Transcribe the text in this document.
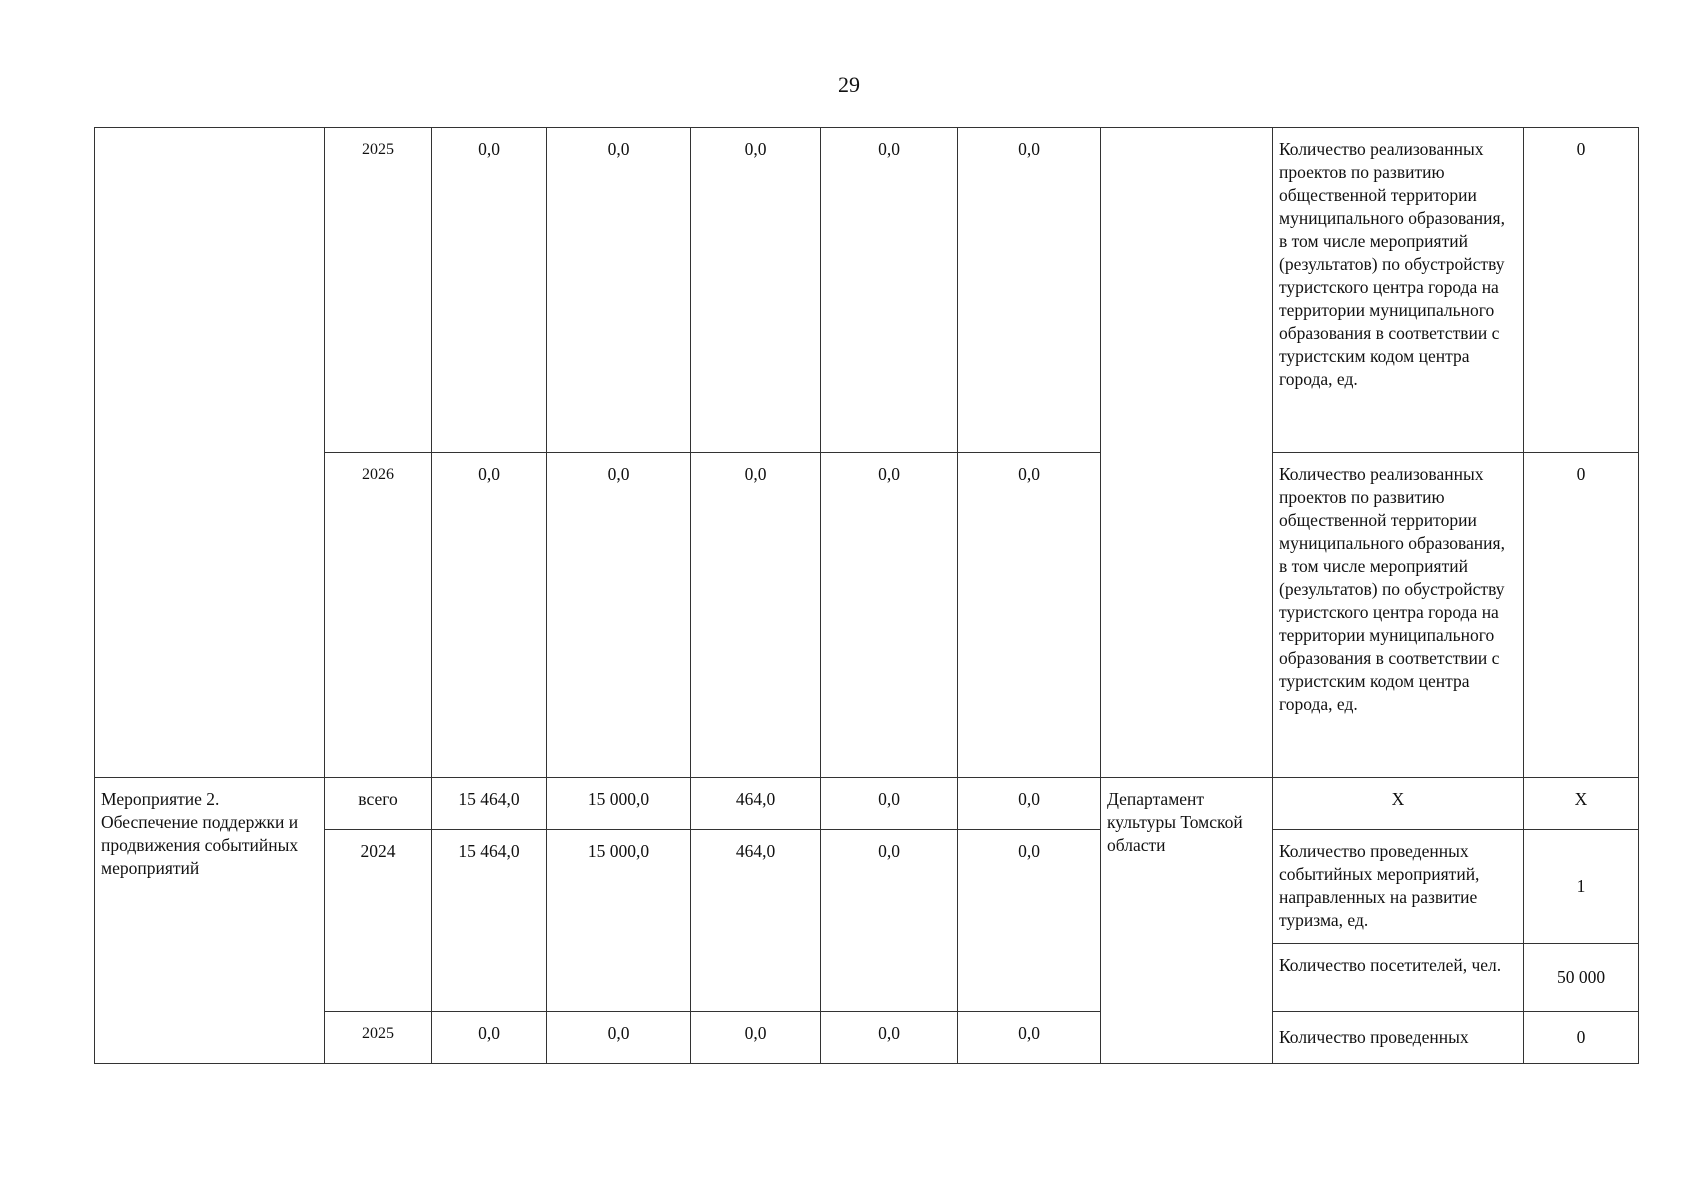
29
	2025	0,0	0,0	0,0	0,0	0,0		Количество реализованных проектов по развитию общественной территории муниципального образования, в том числе мероприятий (результатов) по обустройству туристского центра города на территории муниципального образования в соответствии с туристским кодом центра города, ед.	0
	2026	0,0	0,0	0,0	0,0	0,0		Количество реализованных проектов по развитию общественной территории муниципального образования, в том числе мероприятий (результатов) по обустройству туристского центра города на территории муниципального образования в соответствии с туристским кодом центра города, ед.	0
Мероприятие 2. Обеспечение поддержки и продвижения событийных мероприятий	всего	15 464,0	15 000,0	464,0	0,0	0,0	Департамент культуры Томской области	Х	Х
	2024	15 464,0	15 000,0	464,0	0,0	0,0		Количество проведенных событийных мероприятий, направленных на развитие туризма, ед.	1
								Количество посетителей, чел.	50 000
	2025	0,0	0,0	0,0	0,0	0,0		Количество проведенных	0
